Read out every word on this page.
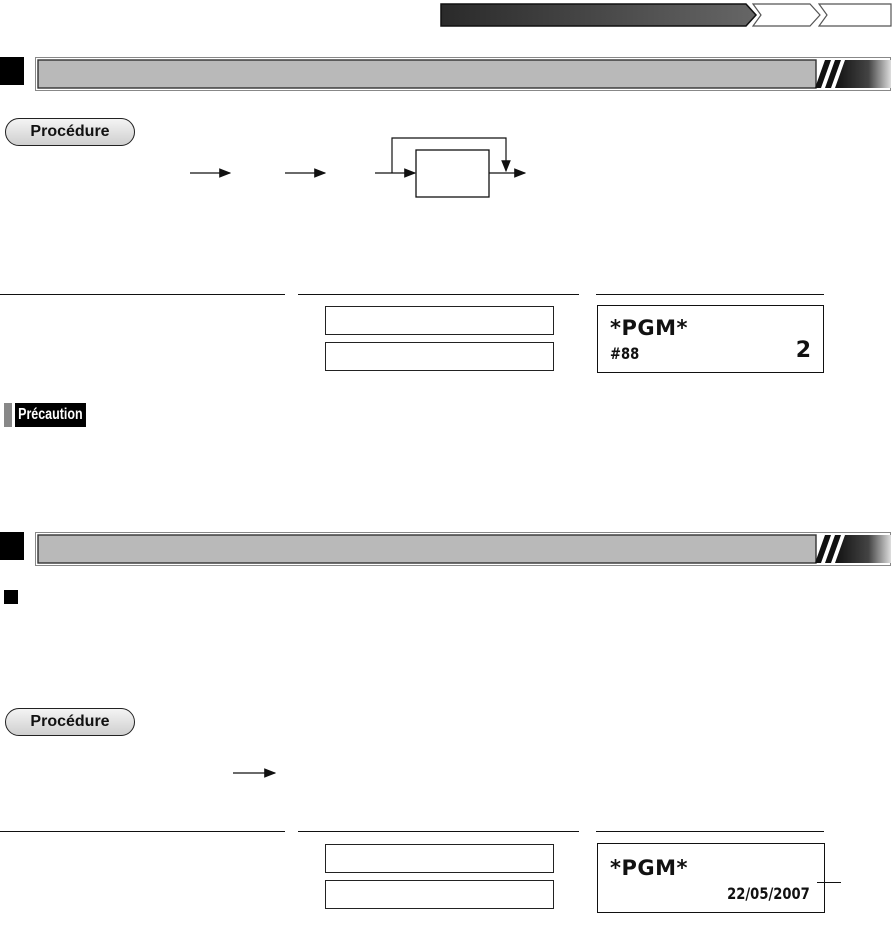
Procédure
*PGM*
#88	2
Précaution
Procédure
*PGM*
22/05/2007
